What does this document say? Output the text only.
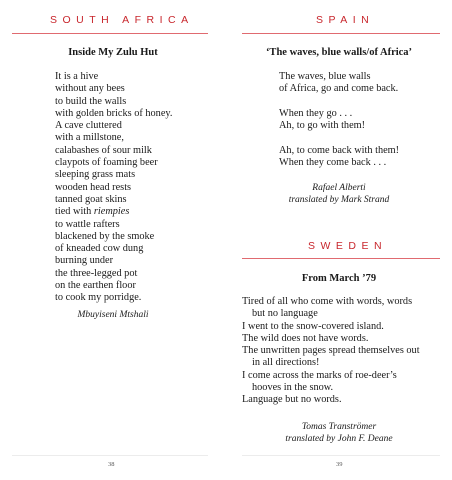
SOUTH AFRICA

Inside My Zulu Hut

It is a hive
without any bees
to build the walls
with golden bricks of honey.
A cave cluttered
with a millstone,
calabashes of sour milk
claypots of foaming beer
sleeping grass mats
wooden head rests
tanned goat skins
tied with riempies
to wattle rafters
blackened by the smoke
of kneaded cow dung
burning under
the three-legged pot
on the earthen floor
to cook my porridge.

Mbuyiseni Mtshali

38

SPAIN

‘The waves, blue walls/of Africa’

The waves, blue walls
of Africa, go and come back.
When they go . . .
Ah, to go with them!
Ah, to come back with them!
When they come back . . .

Rafael Alberti

translated by Mark Strand

SWEDEN

From March ’79

Tired of all who come with words, words
but no language
I went to the snow-covered island.
The wild does not have words.
The unwritten pages spread themselves out
in all directions!
I come across the marks of roe-deer’s
hooves in the snow.
Language but no words.

Tomas Tranströmer

translated by John F. Deane

39
